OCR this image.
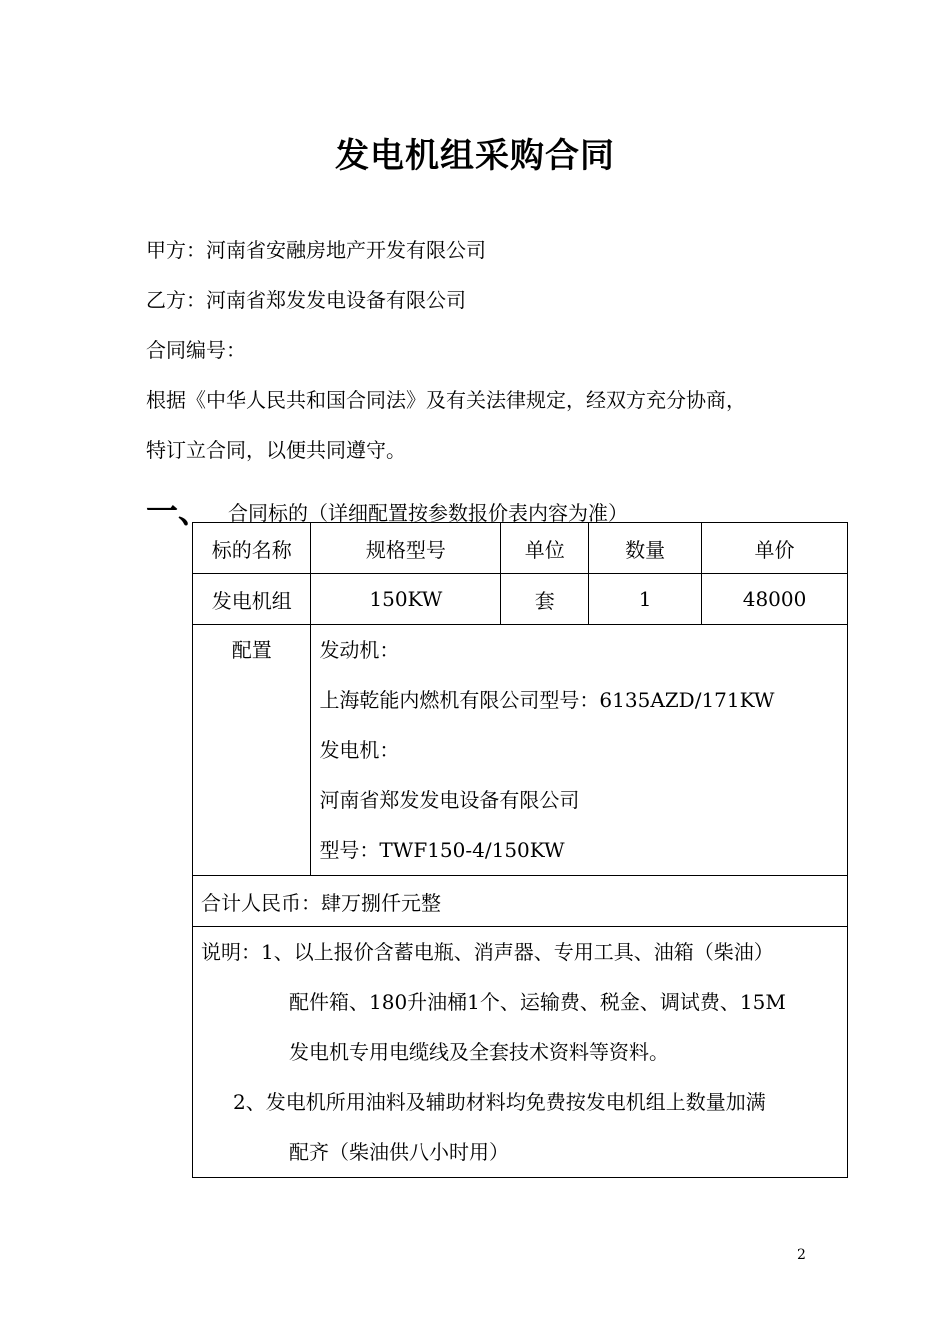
发电机组采购合同
甲方：河南省安融房地产开发有限公司
乙方：河南省郑发发电设备有限公司
合同编号：
根据《中华人民共和国合同法》及有关法律规定，经双方充分协商，
特订立合同，以便共同遵守。
一、 合同标的（详细配置按参数报价表内容为准）
标的名称	规格型号	单位	数量	单价
发电机组	150KW	套	1	48000

配置	发动机：
上海乾能内燃机有限公司型号：6135AZD/171KW
发电机：
河南省郑发发电设备有限公司
型号：TWF150-4/150KW			

合计人民币：肆万捌仟元整				

说明：1、以上报价含蓄电瓶、消声器、专用工具、油箱（柴油）
配件箱、180升油桶1个、运输费、税金、调试费、15M
发电机专用电缆线及全套技术资料等资料。
2、发电机所用油料及辅助材料均免费按发电机组上数量加满
配齐（柴油供八小时用）				
2
